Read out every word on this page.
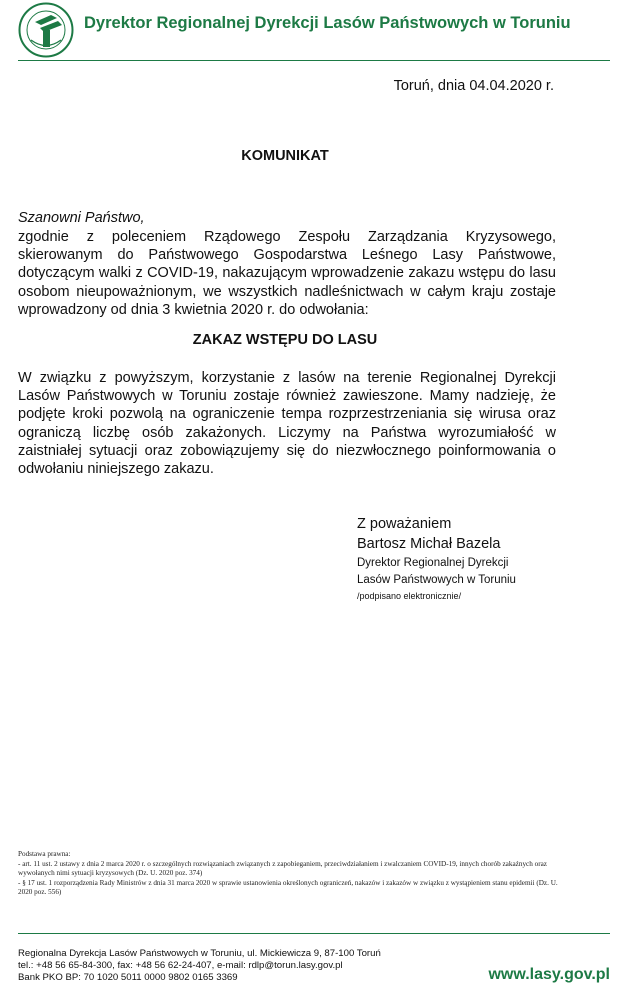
Dyrektor Regionalnej Dyrekcji Lasów Państwowych w Toruniu
Toruń, dnia 04.04.2020 r.
KOMUNIKAT
Szanowni Państwo,
zgodnie z poleceniem Rządowego Zespołu Zarządzania Kryzysowego, skierowanym do Państwowego Gospodarstwa Leśnego Lasy Państwowe, dotyczącym walki z COVID-19, nakazującym wprowadzenie zakazu wstępu do lasu osobom nieupoważnionym, we wszystkich nadleśnictwach w całym kraju zostaje wprowadzony od dnia 3 kwietnia 2020 r. do odwołania:
ZAKAZ WSTĘPU DO LASU
W związku z powyższym, korzystanie z lasów na terenie Regionalnej Dyrekcji Lasów Państwowych w Toruniu zostaje również zawieszone. Mamy nadzieję, że podjęte kroki pozwolą na ograniczenie tempa rozprzestrzeniania się wirusa oraz ograniczą liczbę osób zakażonych. Liczymy na Państwa wyrozumiałość w zaistniałej sytuacji oraz zobowiązujemy się do niezwłocznego poinformowania o odwołaniu niniejszego zakazu.
Z poważaniem
Bartosz Michał Bazela
Dyrektor Regionalnej Dyrekcji
Lasów Państwowych w Toruniu
/podpisano elektronicznie/
Podstawa prawna:
- art. 11 ust. 2 ustawy z dnia 2 marca 2020 r. o szczególnych rozwiązaniach związanych z zapobieganiem, przeciwdziałaniem i zwalczaniem COVID-19, innych chorób zakaźnych oraz wywołanych nimi sytuacji kryzysowych (Dz. U. 2020 poz. 374)
- § 17 ust. 1 rozporządzenia Rady Ministrów z dnia 31 marca 2020 w sprawie ustanowienia określonych ograniczeń, nakazów i zakazów w związku z wystąpieniem stanu epidemii (Dz. U. 2020 poz. 556)
Regionalna Dyrekcja Lasów Państwowych w Toruniu, ul. Mickiewicza 9, 87-100 Toruń
tel.: +48 56 65-84-300, fax: +48 56 62-24-407, e-mail: rdlp@torun.lasy.gov.pl
Bank PKO BP: 70 1020 5011 0000 9802 0165 3369	www.lasy.gov.pl
